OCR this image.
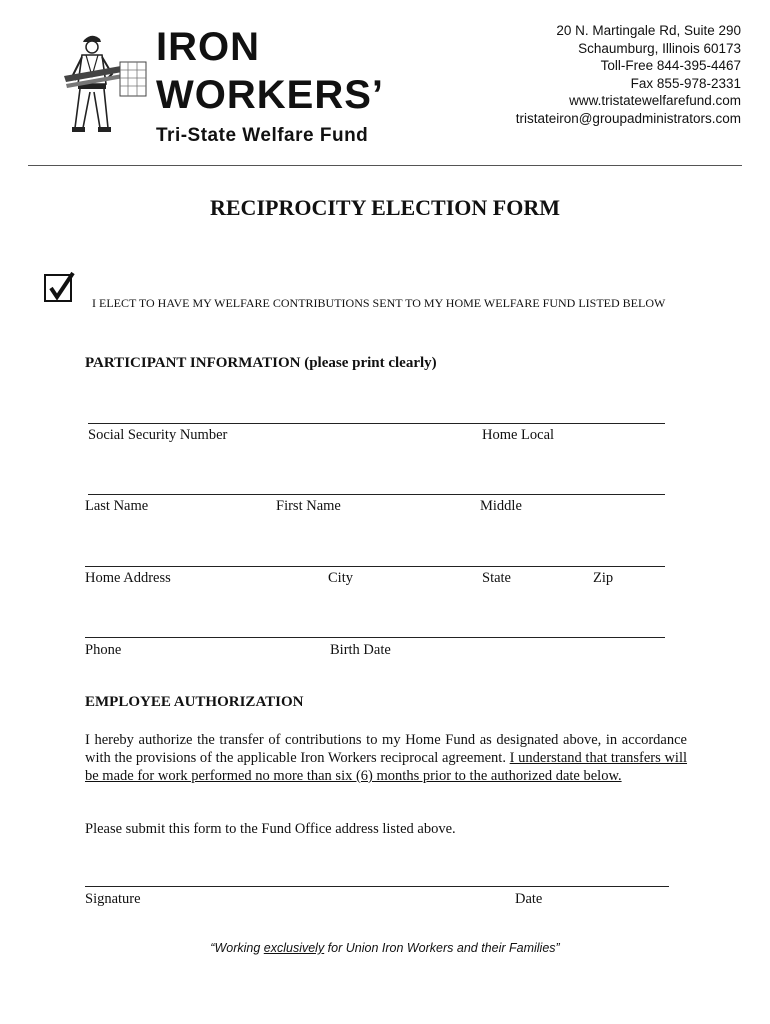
IRON
WORKERS’
Tri-State Welfare Fund
20 N. Martingale Rd, Suite 290
Schaumburg, Illinois 60173
Toll-Free 844-395-4467
Fax 855-978-2331
www.tristatewelfarefund.com
tristateiron@groupadministrators.com
RECIPROCITY ELECTION FORM
I ELECT TO HAVE MY WELFARE CONTRIBUTIONS SENT TO MY HOME WELFARE FUND LISTED BELOW
PARTICIPANT INFORMATION (please print clearly)
Social Security Number	Home Local
Last Name	First Name	Middle
Home Address	City	State	Zip
Phone	Birth Date
EMPLOYEE AUTHORIZATION
I hereby authorize the transfer of contributions to my Home Fund as designated above, in accordance with the provisions of the applicable Iron Workers reciprocal agreement. I understand that transfers will be made for work performed no more than six (6) months prior to the authorized date below.
Please submit this form to the Fund Office address listed above.
Signature	Date
“Working exclusively for Union Iron Workers and their Families”
